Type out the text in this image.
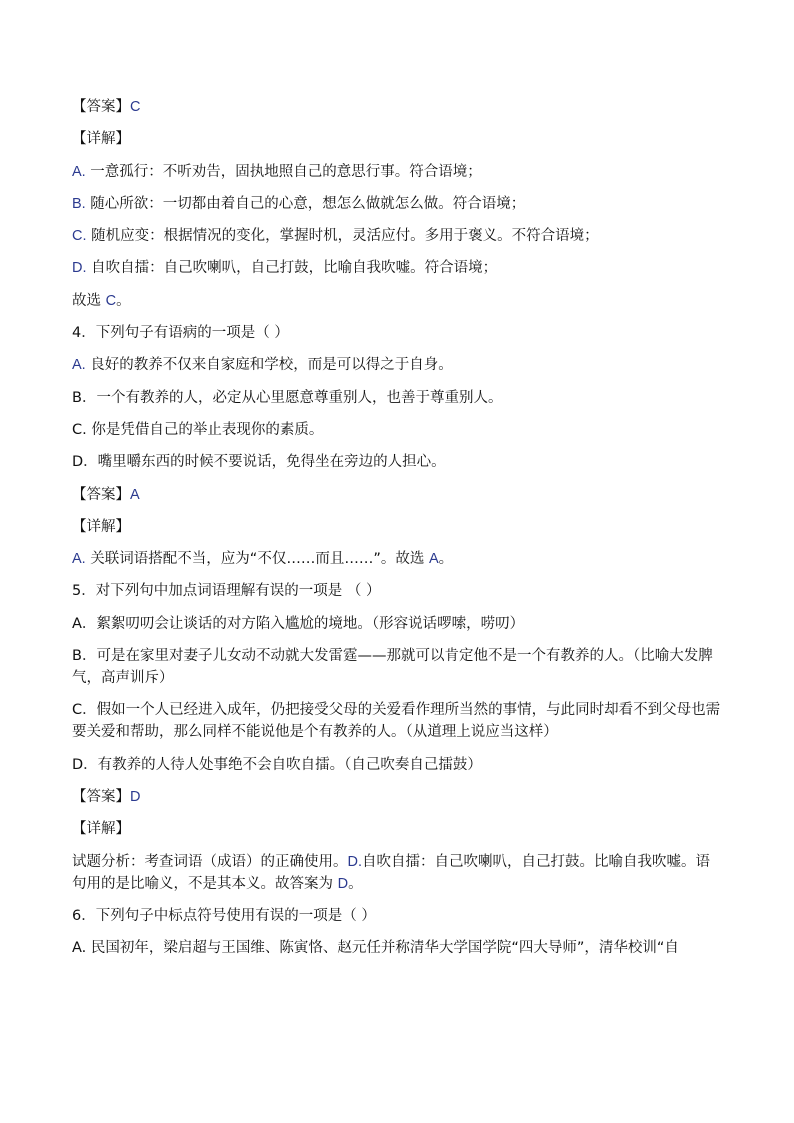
【答案】C
【详解】
A. 一意孤行：不听劝告，固执地照自己的意思行事。符合语境；
B. 随心所欲：一切都由着自己的心意，想怎么做就怎么做。符合语境；
C. 随机应变：根据情况的变化，掌握时机，灵活应付。多用于褒义。不符合语境；
D. 自吹自擂：自己吹喇叭，自己打鼓，比喻自我吹嘘。符合语境；
故选 C。
4．下列句子有语病的一项是（ ）
A. 良好的教养不仅来自家庭和学校，而是可以得之于自身。
B．一个有教养的人，必定从心里愿意尊重别人，也善于尊重别人。
C. 你是凭借自己的举止表现你的素质。
D．嘴里嚼东西的时候不要说话，免得坐在旁边的人担心。
【答案】A
【详解】
A. 关联词语搭配不当，应为“不仅……而且……”。故选 A。
5．对下列句中加点词语理解有误的一项是 （ ）
A．絮絮叨叨会让谈话的对方陷入尴尬的境地。（形容说话啰嗦，唠叨）
B．可是在家里对妻子儿女动不动就大发雷霆——那就可以肯定他不是一个有教养的人。（比喻大发脾气，高声训斥）
C．假如一个人已经进入成年，仍把接受父母的关爱看作理所当然的事情，与此同时却看不到父母也需要关爱和帮助，那么同样不能说他是个有教养的人。（从道理上说应当这样）
D．有教养的人待人处事绝不会自吹自擂。（自己吹奏自己擂鼓）
【答案】D
【详解】
试题分析：考查词语（成语）的正确使用。D.自吹自擂：自己吹喇叭，自己打鼓。比喻自我吹嘘。语句用的是比喻义，不是其本义。故答案为 D。
6．下列句子中标点符号使用有误的一项是（ ）
A. 民国初年，梁启超与王国维、陈寅恪、赵元任并称清华大学国学院“四大导师”，清华校训“自
